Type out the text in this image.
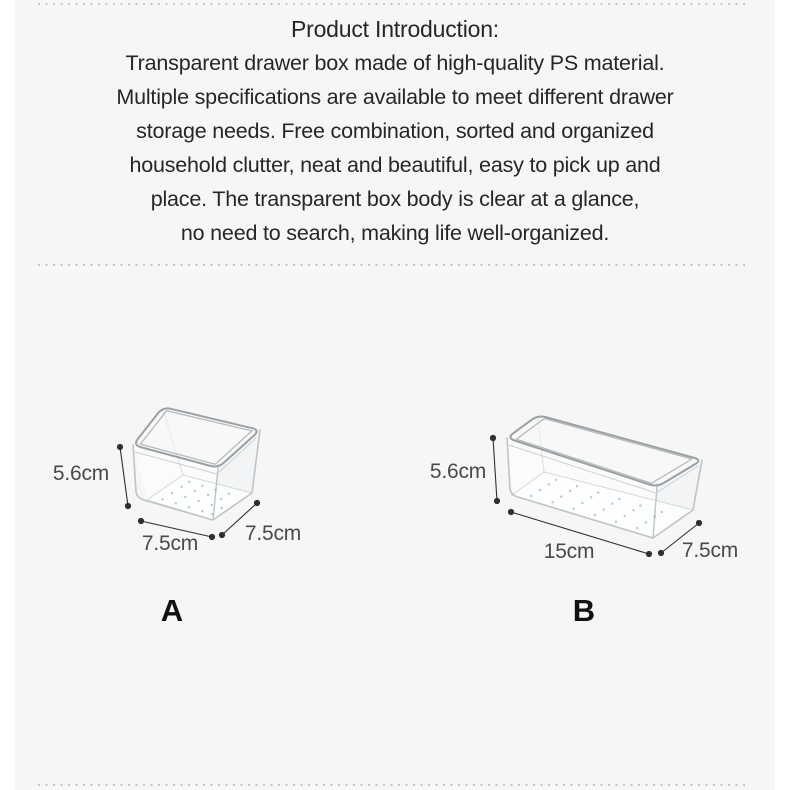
Product Introduction:
Transparent drawer box made of high-quality PS material.
Multiple specifications are available to meet different drawer
storage needs. Free combination, sorted and organized
household clutter, neat and beautiful, easy to pick up and
place. The transparent box body is clear at a glance,
no need to search, making life well-organized.
5.6cm
7.5cm	7.5cm
A
5.6cm
15cm	7.5cm
B
